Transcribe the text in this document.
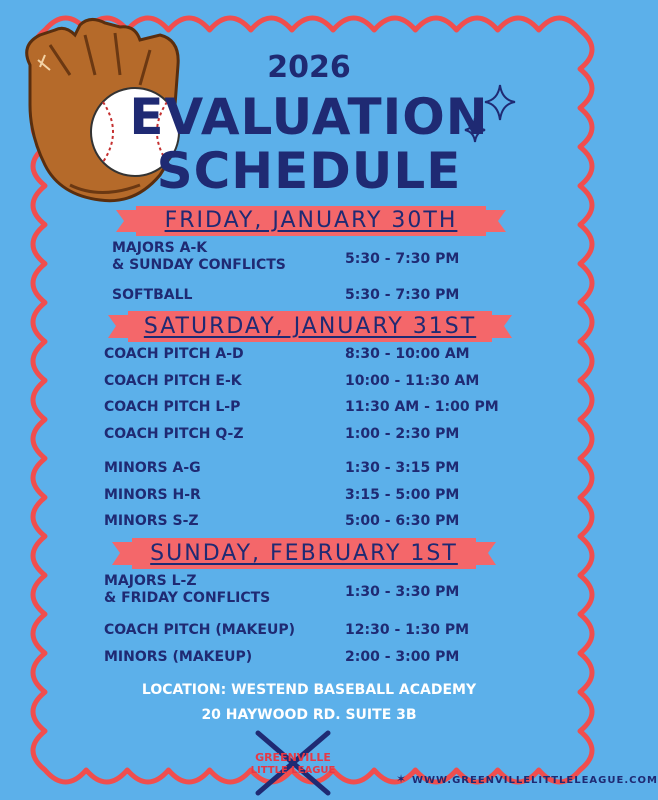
2026
EVALUATION
SCHEDULE
FRIDAY, JANUARY 30TH
MAJORS A-K
& SUNDAY CONFLICTS	5:30 - 7:30 PM
SOFTBALL	5:30 - 7:30 PM
SATURDAY, JANUARY 31ST
COACH PITCH A-D	8:30 - 10:00 AM
COACH PITCH E-K	10:00 - 11:30 AM
COACH PITCH L-P	11:30 AM - 1:00 PM
COACH PITCH Q-Z	1:00 - 2:30 PM
MINORS A-G	1:30 - 3:15 PM
MINORS H-R	3:15 - 5:00 PM
MINORS S-Z	5:00 - 6:30 PM
SUNDAY, FEBRUARY 1ST
MAJORS L-Z
& FRIDAY CONFLICTS	1:30 - 3:30 PM
COACH PITCH (MAKEUP)	12:30 - 1:30 PM
MINORS (MAKEUP)	2:00 - 3:00 PM
LOCATION: WESTEND BASEBALL ACADEMY
20 HAYWOOD RD. SUITE 3B
GREENVILLE
LITTLE LEAGUE
✶ WWW.GREENVILLELITTLELEAGUE.COM
